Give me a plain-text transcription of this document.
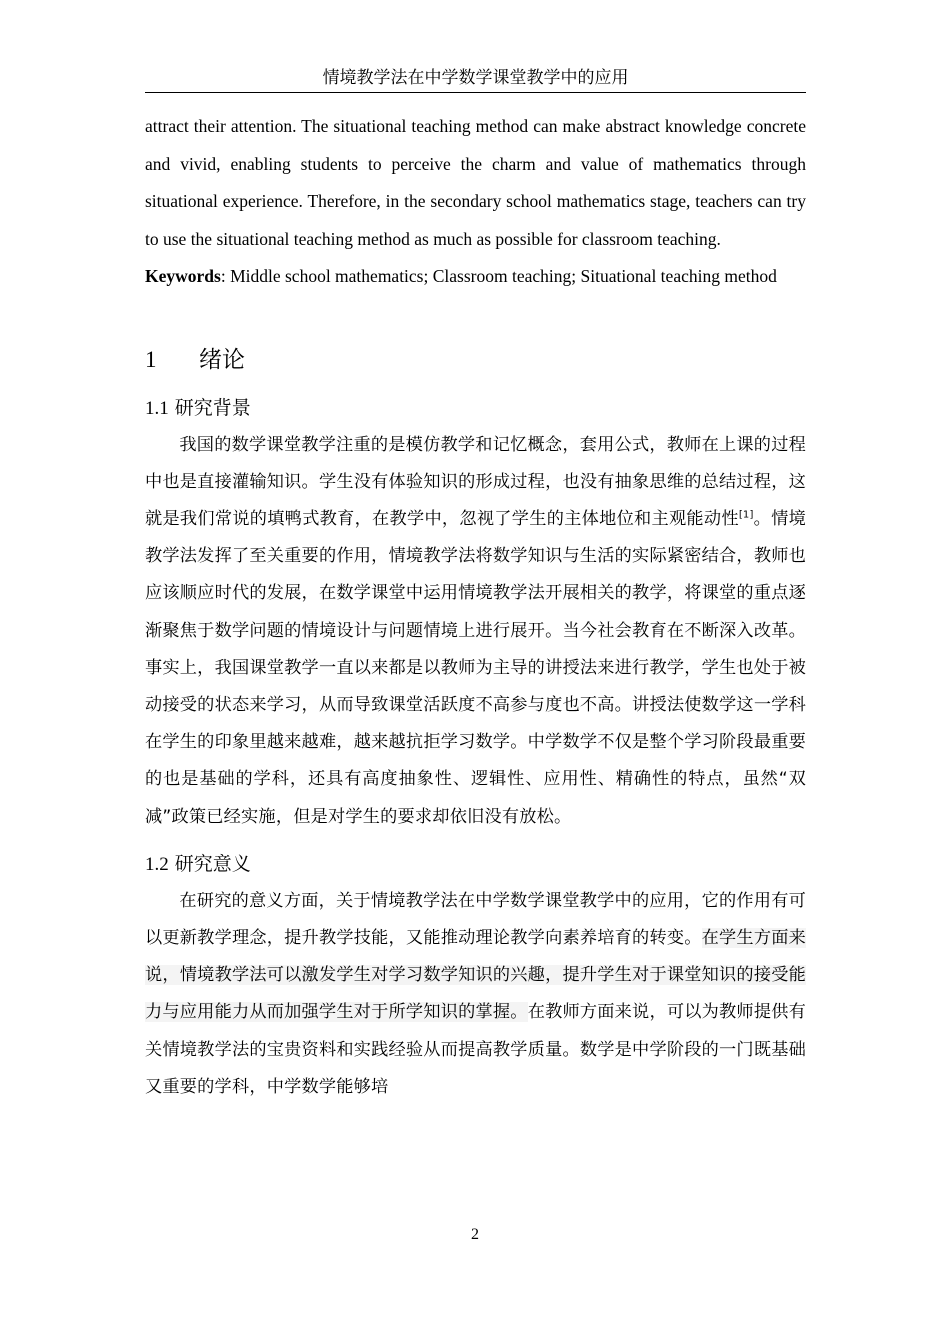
情境教学法在中学数学课堂教学中的应用

attract their attention. The situational teaching method can make abstract knowledge concrete and vivid, enabling students to perceive the charm and value of mathematics through situational experience. Therefore, in the secondary school mathematics stage, teachers can try to use the situational teaching method as much as possible for classroom teaching.

Keywords: Middle school mathematics; Classroom teaching; Situational teaching method

1 绪论
1.1 研究背景

我国的数学课堂教学注重的是模仿教学和记忆概念，套用公式，教师在上课的过程中也是直接灌输知识。学生没有体验知识的形成过程，也没有抽象思维的总结过程，这就是我们常说的填鸭式教育，在教学中，忽视了学生的主体地位和主观能动性[1]。情境教学法发挥了至关重要的作用，情境教学法将数学知识与生活的实际紧密结合，教师也应该顺应时代的发展，在数学课堂中运用情境教学法开展相关的教学，将课堂的重点逐渐聚焦于数学问题的情境设计与问题情境上进行展开。当今社会教育在不断深入改革。事实上，我国课堂教学一直以来都是以教师为主导的讲授法来进行教学，学生也处于被动接受的状态来学习，从而导致课堂活跃度不高参与度也不高。讲授法使数学这一学科在学生的印象里越来越难，越来越抗拒学习数学。中学数学不仅是整个学习阶段最重要的也是基础的学科，还具有高度抽象性、逻辑性、应用性、精确性的特点，虽然“双减”政策已经实施，但是对学生的要求却依旧没有放松。

1.2 研究意义

在研究的意义方面，关于情境教学法在中学数学课堂教学中的应用，它的作用有可以更新教学理念，提升教学技能，又能推动理论教学向素养培育的转变。在学生方面来说，情境教学法可以激发学生对学习数学知识的兴趣，提升学生对于课堂知识的接受能力与应用能力从而加强学生对于所学知识的掌握。在教师方面来说，可以为教师提供有关情境教学法的宝贵资料和实践经验从而提高教学质量。数学是中学阶段的一门既基础又重要的学科，中学数学能够培

2
